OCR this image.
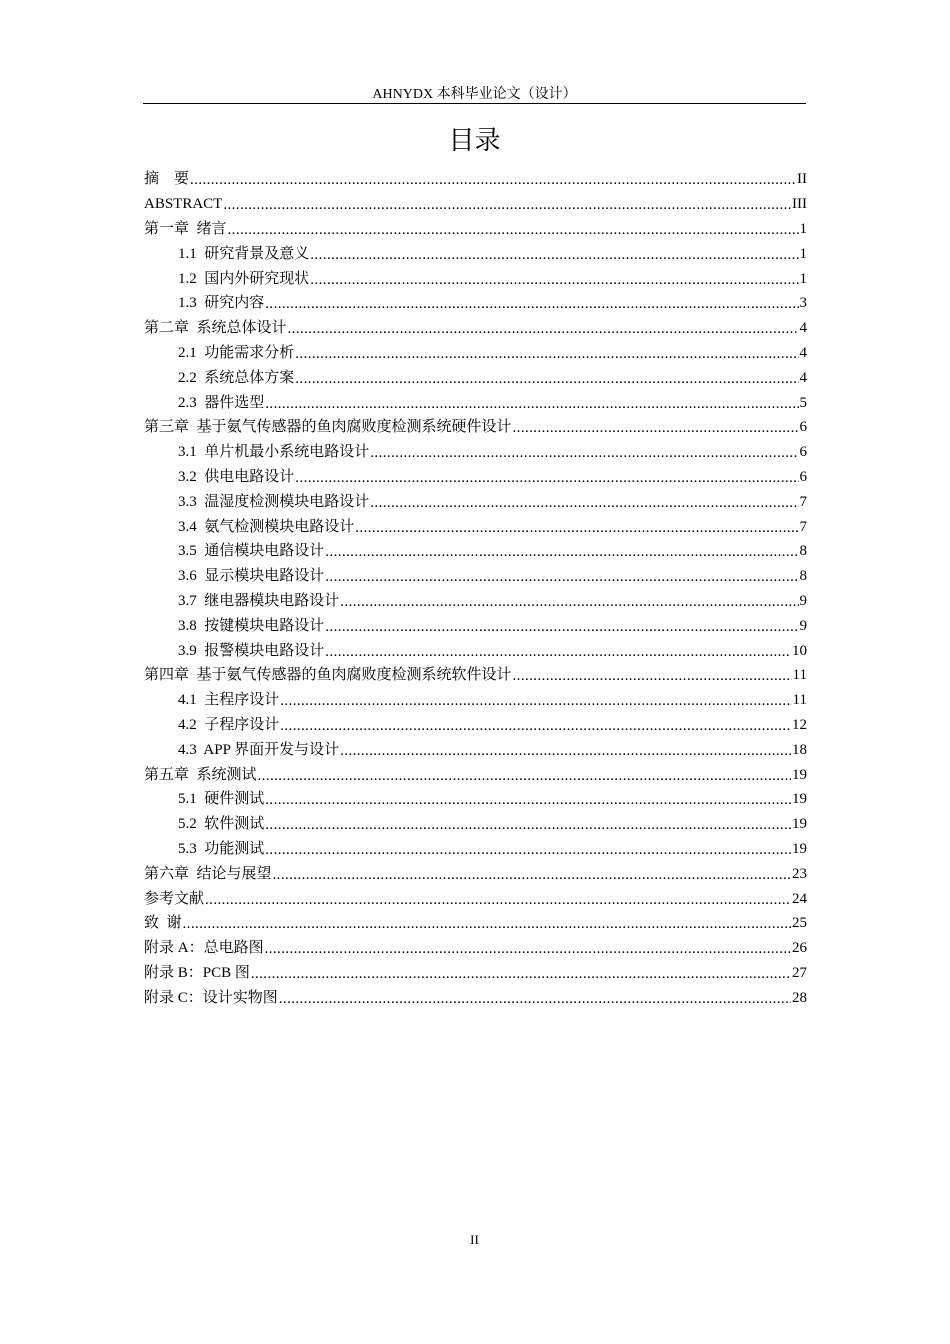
AHNYDX 本科毕业论文（设计）
目录
摘    要 .....	II
ABSTRACT .....	III
第一章  绪言 .....	1
1.1  研究背景及意义 .....	1
1.2  国内外研究现状 .....	1
1.3  研究内容 .....	3
第二章  系统总体设计 .....	4
2.1  功能需求分析 .....	4
2.2  系统总体方案 .....	4
2.3  器件选型 .....	5
第三章  基于氨气传感器的鱼肉腐败度检测系统硬件设计 .....	6
3.1  单片机最小系统电路设计 .....	6
3.2  供电电路设计 .....	6
3.3  温湿度检测模块电路设计 .....	7
3.4  氨气检测模块电路设计 .....	7
3.5  通信模块电路设计 .....	8
3.6  显示模块电路设计 .....	8
3.7  继电器模块电路设计 .....	9
3.8  按键模块电路设计 .....	9
3.9  报警模块电路设计 .....	10
第四章  基于氨气传感器的鱼肉腐败度检测系统软件设计 .....	11
4.1  主程序设计 .....	11
4.2  子程序设计 .....	12
4.3  APP 界面开发与设计 .....	18
第五章  系统测试 .....	19
5.1  硬件测试 .....	19
5.2  软件测试 .....	19
5.3  功能测试 .....	19
第六章  结论与展望 .....	23
参考文献 .....	24
致  谢 .....	25
附录 A：总电路图 .....	26
附录 B：PCB 图 .....	27
附录 C：设计实物图 .....	28
II
